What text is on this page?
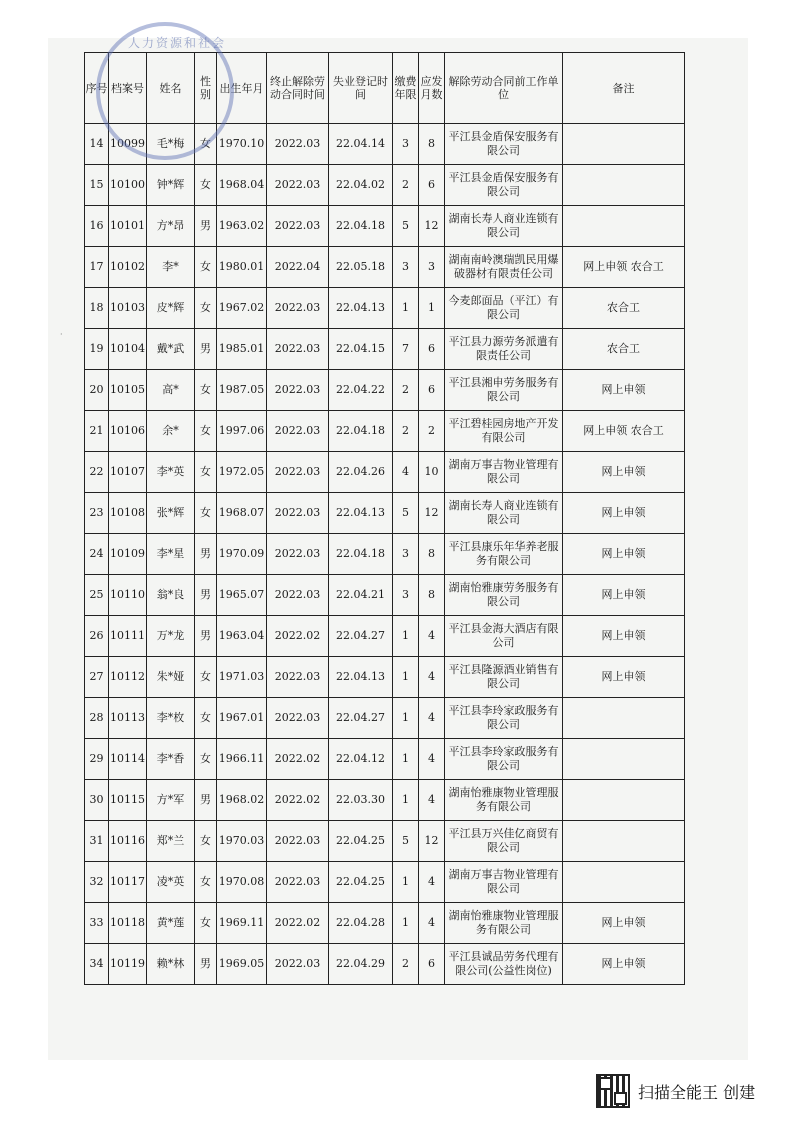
·
序号	档案号	姓名	性别	出生年月	终止解除劳动合同时间	失业登记时间	缴费年限	应发月数	解除劳动合同前工作单位	备注
14	10099	毛*梅	女	1970.10	2022.03	22.04.14	3	8	平江县金盾保安服务有限公司	
15	10100	钟*辉	女	1968.04	2022.03	22.04.02	2	6	平江县金盾保安服务有限公司	
16	10101	方*昂	男	1963.02	2022.03	22.04.18	5	12	湖南长寿人商业连锁有限公司	
17	10102	李*	女	1980.01	2022.04	22.05.18	3	3	湖南南岭澳瑞凯民用爆破器材有限责任公司	网上申领 农合工
18	10103	皮*辉	女	1967.02	2022.03	22.04.13	1	1	今麦郎面品（平江）有限公司	农合工
19	10104	戴*武	男	1985.01	2022.03	22.04.15	7	6	平江县力源劳务派遣有限责任公司	农合工
20	10105	高*	女	1987.05	2022.03	22.04.22	2	6	平江县湘申劳务服务有限公司	网上申领
21	10106	余*	女	1997.06	2022.03	22.04.18	2	2	平江碧桂园房地产开发有限公司	网上申领 农合工
22	10107	李*英	女	1972.05	2022.03	22.04.26	4	10	湖南万事吉物业管理有限公司	网上申领
23	10108	张*辉	女	1968.07	2022.03	22.04.13	5	12	湖南长寿人商业连锁有限公司	网上申领
24	10109	李*星	男	1970.09	2022.03	22.04.18	3	8	平江县康乐年华养老服务有限公司	网上申领
25	10110	翁*良	男	1965.07	2022.03	22.04.21	3	8	湖南怡雅康劳务服务有限公司	网上申领
26	10111	万*龙	男	1963.04	2022.02	22.04.27	1	4	平江县金海大酒店有限公司	网上申领
27	10112	朱*娅	女	1971.03	2022.03	22.04.13	1	4	平江县隆源酒业销售有限公司	网上申领
28	10113	李*枚	女	1967.01	2022.03	22.04.27	1	4	平江县李玲家政服务有限公司	
29	10114	李*香	女	1966.11	2022.02	22.04.12	1	4	平江县李玲家政服务有限公司	
30	10115	方*军	男	1968.02	2022.02	22.03.30	1	4	湖南怡雅康物业管理服务有限公司	
31	10116	郑*兰	女	1970.03	2022.03	22.04.25	5	12	平江县万兴佳亿商贸有限公司	
32	10117	凌*英	女	1970.08	2022.03	22.04.25	1	4	湖南万事吉物业管理有限公司	
33	10118	黄*莲	女	1969.11	2022.02	22.04.28	1	4	湖南怡雅康物业管理服务有限公司	网上申领
34	10119	赖*林	男	1969.05	2022.03	22.04.29	2	6	平江县诚品劳务代理有限公司(公益性岗位)	网上申领
人力资源和社会
扫描全能王 创建
